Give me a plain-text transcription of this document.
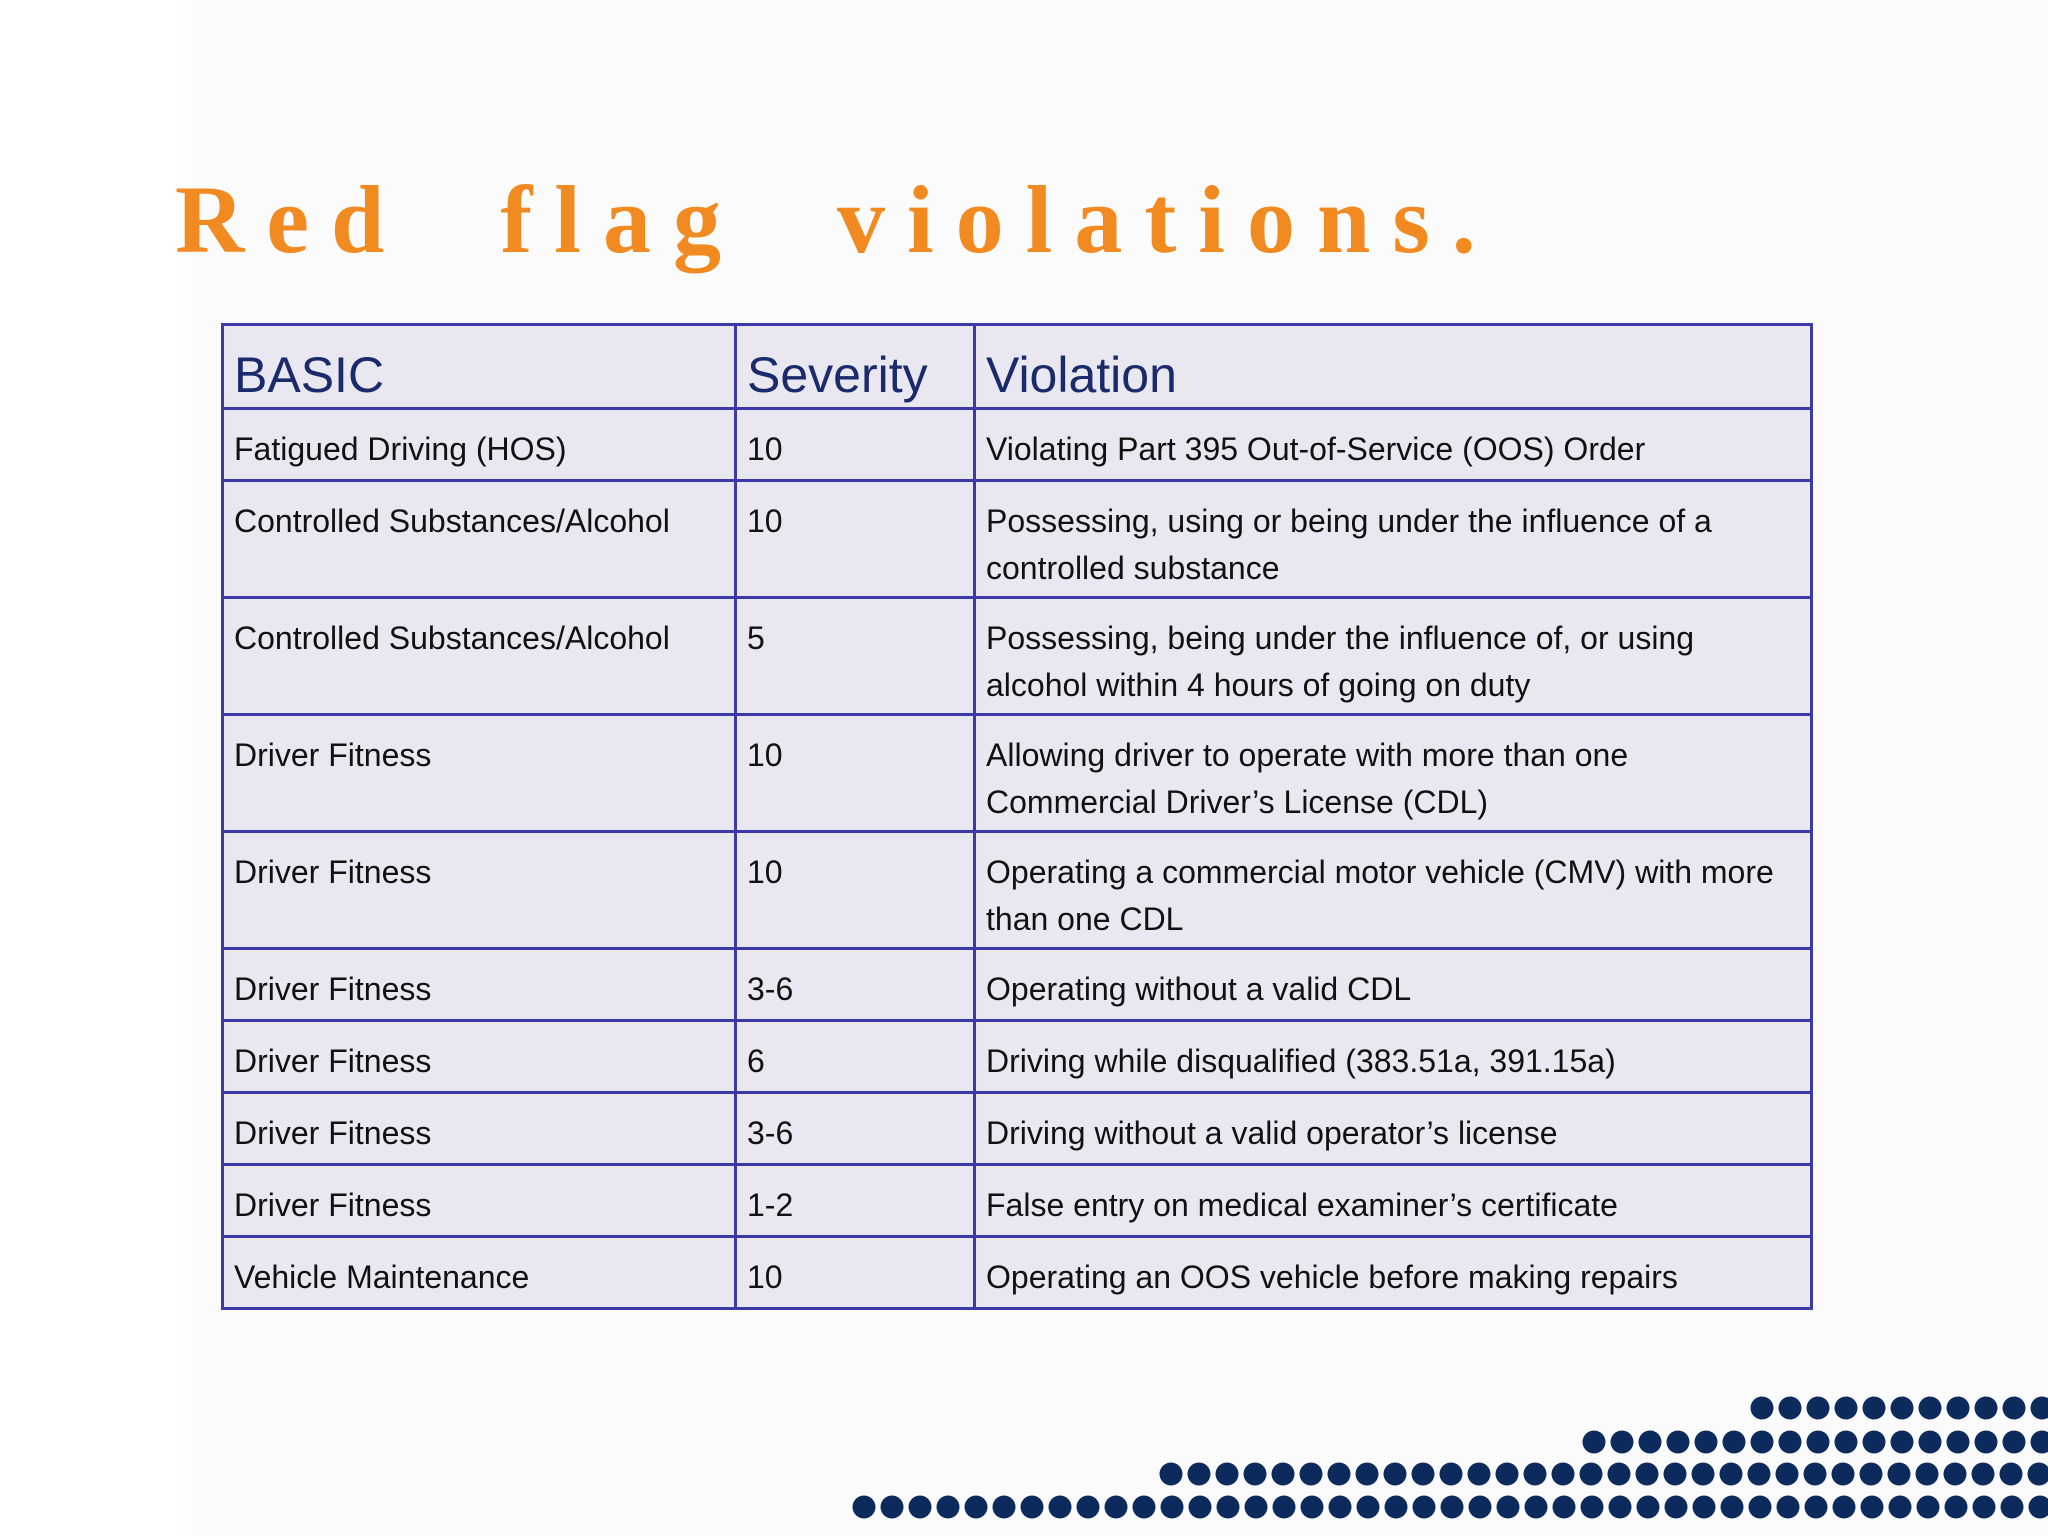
Red flag violations.
BASIC	Severity	Violation
Fatigued Driving (HOS)	10	Violating Part 395 Out-of-Service (OOS) Order
Controlled Substances/Alcohol	10	Possessing, using or being under the influence of a controlled substance
Controlled Substances/Alcohol	5	Possessing, being under the influence of, or using alcohol within 4 hours of going on duty
Driver Fitness	10	Allowing driver to operate with more than one Commercial Driver’s License (CDL)
Driver Fitness	10	Operating a commercial motor vehicle (CMV) with more than one CDL
Driver Fitness	3-6	Operating without a valid CDL
Driver Fitness	6	Driving while disqualified (383.51a, 391.15a)
Driver Fitness	3-6	Driving without a valid operator’s license
Driver Fitness	1-2	False entry on medical examiner’s certificate
Vehicle Maintenance	10	Operating an OOS vehicle before making repairs
